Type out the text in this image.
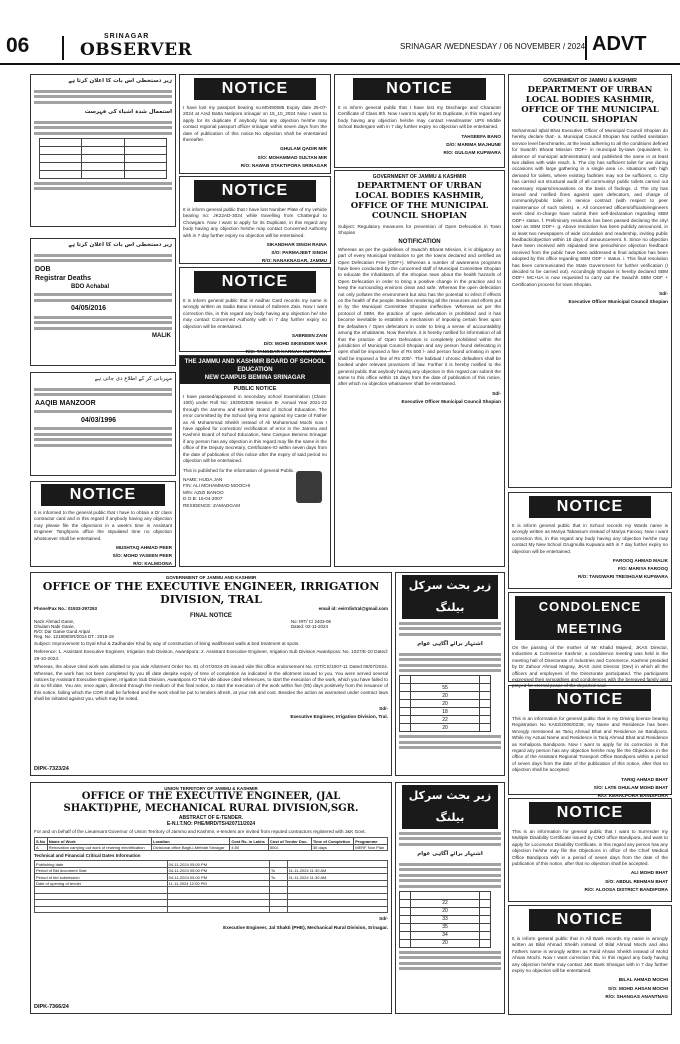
06	SRINAGAR
OBSERVER	SRINAGAR /WEDNESDAY / 06 NOVEMBER / 2024 ADVT
زیر دستخطی اس بات کا اعلان کرتا ہے
استعمال شدہ اشیاء کی فہرست

زیر دستخطی اس بات کا اعلان کرتا ہے
DOB
Registrar Deaths
BDO Achabal
04/05/2016
MALIK
مہربانی کر کے اطلاع دی جاتی ہے
AAQIB MANZOOR
04/03/1996
NOTICE
It is informed to the general public that I have to obtain a Dr class contractor card and in this regard if anybody having any objection may please file the objections in a week's time in Assistant Engineer Tanghpora office the stipulated time no objection whatsoever shall be entertained.
MUSHTAQ AHMAD PEER
S/O: MOHD YASEEN PEER
R/O: KALMOONA
NOTICE
I have lost my passport bearing no.M0490585 Expiry date 25-07-2024 at Arsd Batta Natipora srinagar on 15_10_2024 Now I want to apply for its duplicate If anybody has any objection he/she may contact regional passport officer srinagar within seven days from the date of publication of this notice.No objection shall be entertained thereafter.
GHULAM QADIR MIR
S/O: MOHAMMAD SULTAN MIR
R/O: NAWAB STAKTIPORA SRINAGAR
NOTICE
It is inform general public that I have lost Number Plate of my vehicle bearing no: JK22AD-3024 while travelling from Chattergul to Chowgam. Now I want to apply for its Duplicate, in this regard any body having any objection he/she may contact Concerned Authority with in 7 day further expiry no objection will be entertained.
SIKANDHAR SINGH RAINA
S/O: PARMAJEET SINGH
R/O: NANAKNAGAR, JAMMU
NOTICE
It is inform general public that in Aadhar Card records my name is wrongly written as Sadia Bano instead of Sabreen Zain. Now I want correction this, in this regard any body having any objection he/ she may contact Concerned Authority with in 7 day further expiry no objection will be entertained.
SABREEN ZAIN
D/O: MOHD SIKENDER WAR
R/O: TANGDAR KARNAH KUPWARA
THE JAMMU AND KASHMIR BOARD OF SCHOOL EDUCATION
NEW CAMPUS BEMINA SRINAGAR
PUBLIC NOTICE
I have passed/appeared in secondary school Examination (Class-10th) under Roll No: 192002536 Session B- Annual Year 2021-22 through the Jammu and Kashmir Board of School Education. The error committed by the School lying error against my Caste of Father as Ali Mohammad Sheikh instead of Ali Mohammad Mochi now I have applied for correction/ rectification of error in the Jammu and Kashmir Board of School Education, New Campus Bemina Srinagar if any person has any objection in this regard may file the same in the office of the Deputy Secretary, Certificates-IO within seven days from the date of publication of this notice after the expiry of said period no objection will be entertained.
This is published for the information of general Public.
NAME: HUDA JAN
F/N: ALI MOHAMMAD MOOCHI
M/N: AZIZI BANOO
D.O.B: 15-04-2007
RESIDENCE: ZAMADGAM
NOTICE
It is inform general public that I have lost my Discharge and Character Certificate of Class 8th. Now I want to apply for its Duplicate, in this regard any body having any objection he/she may contact Headmaster UPS Middle School Bodergam with in 7 day further expiry no objection will be entertained.
TAHSEEFA BANO
D/O: MARIMA MAJHUNE
R/O: GULGAM KUPWARA
GOVERNMENT OF JAMMU & KASHMIR
DEPARTMENT OF URBAN LOCAL BODIES KASHMIR, OFFICE OF THE MUNICIPAL COUNCIL SHOPIAN
Subject: Regulatory measures for prevention of Open Defecation in Town Shopian
NOTIFICATION
Whereas as per the guidelines of Swachh Bharat Mission, it is obligatory on part of every Municipal Institution to get the towns declared and certified as Open Defecation Free (ODF+). Whereas a number of awareness programs have been conducted by the concerned staff of Municipal Committee Shopian to educate the inhabitants of the Shopian town about the health hazards of Open Defecation in order to bring a positive change in the practice and to keep the surrounding environs clean and safe. Whereas the open defecation not only pollutes the environment but also has the potential to infect if effects on the health of the people. Besides rendering all the resources and efforts put in by the Municipal Committee Shopian ineffective. Whereas as per the protocol of SBM, the practice of open defecation is prohibited and it has become inevitable to establish a mechanism of imposing certain fines upon the defaulters / Open defecators in order to bring a sense of accountability among the inhabitants. Now therefore, it is hereby notified for information of all that the practice of Open Defecation is completely prohibited within the jurisdiction of Municipal Council Shopian and any person found defecating in open shall be imposed a fine of Rs 500 /- and person found urinating in open shall be imposed a fine of Rs 200/-. The habitual / chronic defaulters shall be booked under relevant provisions of law. Further it is hereby notified to the general public that anybody having any objection in this regard can submit the same to this office within 15 days from the date of publication of this notice, after which no objection whatsoever shall be entertained.
Sd/-
Executive Officer Municipal Council Shopian
GOVERNMENT OF JAMMU & KASHMIR
DEPARTMENT OF URBAN LOCAL BODIES KASHMIR, OFFICE OF THE MUNICIPAL COUNCIL SHOPIAN
Mohammad Iqbal Bhat Executive Officer of Municipal Council Shopian do hereby declare that:- a. Municipal Council Shopian has notified sanitation service level benchmarks, at the least adhering to all the conditions defined for Swachh Bharat Mission ODF+ in municipal by-laws (equivalent, in absence of municipal administration) and published the same in at least two dailies with wide reach. b. The city has sufficient toilet for use during occasions with large gathering in a single area i.e. situations with high demand for toilets, where existing facilities may not be sufficient, c. City has carried out structural audit of all community/ public toilets carried out necessary repairs/renovations on the basis of findings. d. The city has issued and notified fines against open defecators, and charge of community/public toilet in service contract (with respect to peer maintenance of such toilets). e. All concerned officers/officials/engineers work cited in-charge have submit their self-declaration regarding SBM ODF+ status. f. Preliminary resolution has been passed declaring the city/ town as SBM ODF+. g. Above resolution has been publicly announced, in at least two newspapers of wide circulation and readership, inviting public feedback/objection within 15 days of announcement. h. Since no objection have been received with stipulated time period/since objection feedback received from the public have been addressed & final adoption has been adopted by this office regarding SBM ODF + status. i. This final resolution has been communicated the State Government for further verification (I decided to be carried out). Accordingly Shopian is hereby declared SBM ODF+ MC+UA is now requested to carry out the Swachh SBM ODF + Certification process for town Shopian.
Sd/-
Executive Officer Municipal Council Shopian
NOTICE
It is inform general public that in School records my Wards name is wrongly written as Mariya Tabassum instead of Mariya Farooq. Now I want correction this, in this regard any body having any objection he/she may contact My New School Grugmulla Kupwara with in 7 day further expiry no objection will be entertained.
FAROOQ AHMAD MALIK
F/O: MARIYA FAROOQ
R/O: TANGWARI TRESHGAM KUPWARA
CONDOLENCE MEETING
On the passing of the mother of Mr Khalid Majeed, JKAS Director, Industries & Commerce Kashmir, a condolence meeting was held in the meeting hall of Directorate of Industries and Commerce, Kashmir presided by Dr Zahoor Ahmad Magray, JKAS Joint Director (Dev) in which all the officers and employees of the Directorate participated. The participants expressed their sympathies and condolences with the bereaved family and prayed for eternal peace of the departed soul.
NOTICE
This is an information for general public that in my Driving licence bearing Registration No KA02/2005/0238, my Name and Residence has been Wrongly mentioned as Tariq Ahmad Bhat and Residence as Bandipora. While my Actual Name and Residence is Tariq Ahmad Bhat and Residence as Kehalpora Bandipora. Now I want to apply for its correction in this regard any person has any objection he/she may file the Objections in the office of the Assistant Regional Transport Office Bandipora within a period of seven days from the date of the publication of this notice, after that no objection shall be accepted.
TARIQ AHMAD BHAT
S/O: LATE GHULAM MOHD BHAT
R/O: KEHALPORA BANDIPORA
NOTICE
This is an information for general public that I want to Surrender my Multiple Disability Certificate issued by CMO office Bandipora, and want to apply for Locomotor Disability Certificate, in this regard any person has any objection he/she may file the Objections in office of the Chief Medical Office Bandipora with in a period of seven days from the date of the publication of this notice, after that no objection shall be accepted.
ALI MOHD BHAT
S/O: ABDUL REHMAN BHAT
R/O: ALOOSA DISTRICT BANDIPORA
NOTICE
It is inform general public that in All Bank records my name is wrongly written as Bilal Ahmad Sheikh instead of Bilal Ahmad Mochi and also Fathers name is wrongly written as Farid Ahsan Sheikh instead of Mohd Ahsan Mochi. Now I want correction this, in this regard any body having any objection he/she may contact J&K Bank Shangus with in 7 day further expiry no objection will be entertained.
BILAL AHMAD MOCHI
S/O: MOHD AHSAN MOCHI
R/O: SHANGAS ANANTNAG
GOVERNMENT OF JAMMU AND KASHMIR
OFFICE OF THE EXECUTIVE ENGINEER, IRRIGATION DIVISION, TRAL
Phone/Fax No.: 01933-297253	email id: eeirrdivtral@gmail.com
FINAL NOTICE
Nazir Ahmad Ganie,
Ghulam Nabi Ganie,
R/O: Dar Ganie Gund Aripal
Reg. No. 121808/SR/2014 DT.: 2018-19
No: IRT/ C/ 2403-06
Dated: 02-11-2024
Subject: Improvement to Dyal Khul & Zadhander Khul by way of construction of lining wall/breast walls & bed treatment at spots.
Reference: 1. Assistant Executive Engineer, Irrigation Sub Division, Awantipora: 2. Assistant Executive Engineer, Irrigation Sub Division Awantipora: No. 1027/E-10 Dated: 29-10-2024.
Whereas, the above cited work was allotted to you vide Allotment Order No. 81 of 07/2024-25 issued vide this office endorsement No. IOT/CS/1007-11 Dated 08/07/2024. Whereas, the work has not been completed by you till date despite expiry of time of completion as indicated in the allotment issued to you. You were served several notices by Assistant Executive Engineer, Irrigation Sub Division, Awantipora IO Tral vide above cited references, to start the execution of the work, which you have failed to do so till date. You are, once again, directed through the medium of this final notice, to start the execution of the work within five (05) days positively from the issuance of this notice, failing which the CDR shall be forfeited and the work shall be put to tenders afresh, at your risk and cost. Besides the action as warranted under contract laws shall be initiated against you, which may be noted.
Sd/-
Executive Engineer, Irrigation Division, Tral.
DIPK-7323/24
UNION TERRITORY OF JAMMU & KASHMIR
OFFICE OF THE EXECUTIVE ENGINEER, (JAL SHAKTI)PHE, MECHANICAL RURAL DIVISION,SGR.
ABSTRACT OF E-TENDER.
E-N.I.T.NO: PHE/MRD/TS/420711/2024
For and on behalf of the Lieutenant Governor of Union Territory of Jammu and Kashmir, e-tenders are invited from reputed contractors registered with J&K Govt.
S.No	Name of Work	Location	Cost Rs. in Lakhs	Cost of Tender Doc.	Time of Completion	Programme
A	Renovation carrying out work of rewiring electrification	Divisional office Bagh-i-Mehtab Srinagar	4.50	500/-	30 days	MERF Non Plan
Technical and Financial Critical Dates Information
Publishing date	04-11-2024 05:00 PM		
Period of Bid document Sale	04-11-2024 05:00 PM	To	11-11-2024 11:30 AM
Period of bid submission	04-11-2024 05:00 PM	To	11-11-2024 11:30 AM
Date of opening of tender	11-11-2024 12:00 PM		

Sd/-
Executive Engineer, Jal Shakti (PHE), Mechanical Rural Division, Srinagar.
DIPK-7366/24
زیر بحث سرکل بیلنگ
اشتہار برائے آگاہی عوام

	55	
	20	
	20	
	18	
	22	
	20	
زیر بحث سرکل بیلنگ
اشتہار برائے آگاہی عوام

	22	
	20	
	33	
	35	
	34	
	20	
